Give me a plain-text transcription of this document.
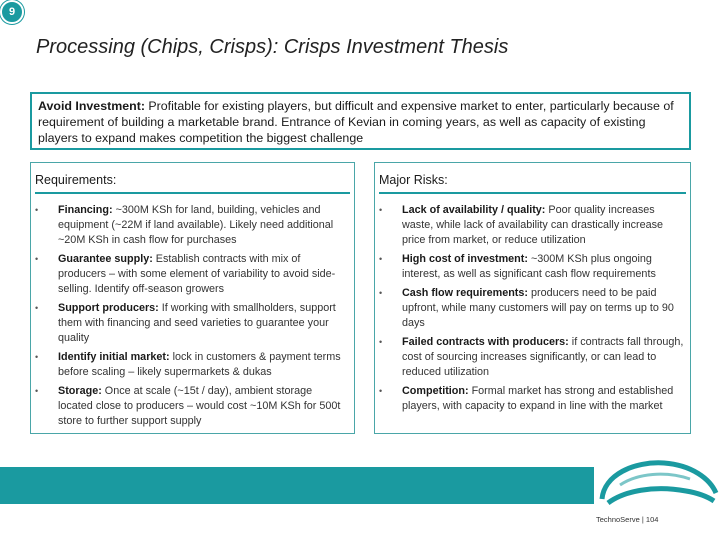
9
Processing (Chips, Crisps): Crisps Investment Thesis
Avoid Investment: Profitable for existing players, but difficult and expensive market to enter, particularly because of requirement of building a marketable brand. Entrance of Kevian in coming years, as well as capacity of existing players to expand makes competition the biggest challenge
Requirements:
• Financing: ~300M KSh for land, building, vehicles and equipment (~22M if land available). Likely need additional ~20M KSh in cash flow for purchases
• Guarantee supply: Establish contracts with mix of producers – with some element of variability to avoid side-selling. Identify off-season growers
• Support producers: If working with smallholders, support them with financing and seed varieties to guarantee your quality
• Identify initial market: lock in customers & payment terms before scaling – likely supermarkets & dukas
• Storage: Once at scale (~15t / day), ambient storage located close to producers – would cost ~10M KSh for 500t store to further support supply
Major Risks:
• Lack of availability / quality: Poor quality increases waste, while lack of availability can drastically increase price from market, or reduce utilization
• High cost of investment: ~300M KSh plus ongoing interest, as well as significant cash flow requirements
• Cash flow requirements: producers need to be paid upfront, while many customers will pay on terms up to 90 days
• Failed contracts with producers: if contracts fall through, cost of sourcing increases significantly, or can lead to reduced utilization
• Competition: Formal market has strong and established players, with capacity to expand in line with the market
TechnoServe | 104
